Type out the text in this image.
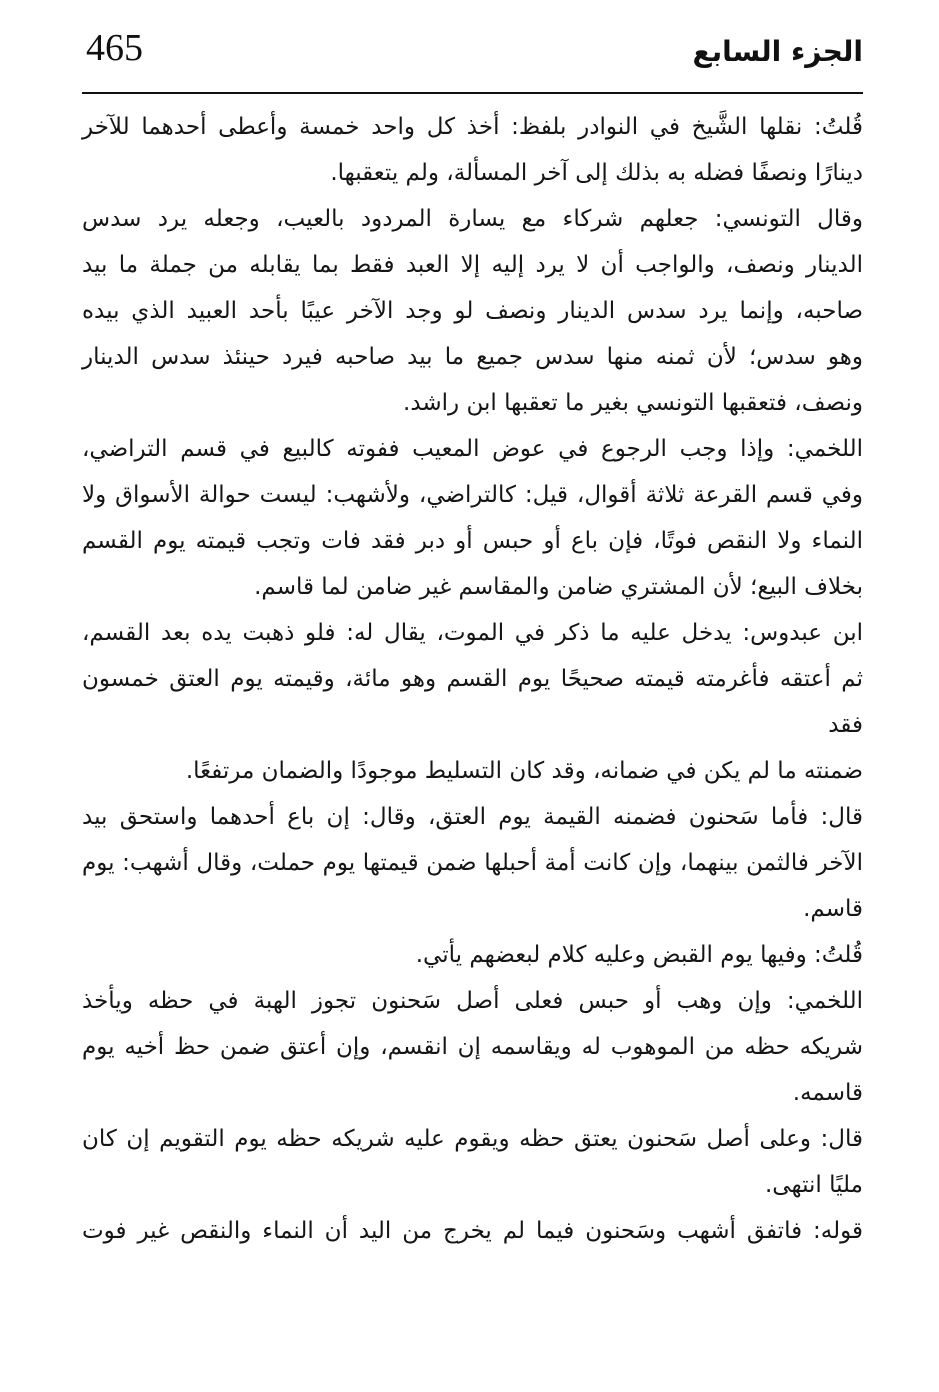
465	الجزء السابع
قُلتُ: نقلها الشَّيخ في النوادر بلفظ: أخذ كل واحد خمسة وأعطى أحدهما للآخر
دينارًا ونصفًا فضله به بذلك إلى آخر المسألة، ولم يتعقبها.
وقال التونسي: جعلهم شركاء مع يسارة المردود بالعيب، وجعله يرد سدس
الدينار ونصف، والواجب أن لا يرد إليه إلا العبد فقط بما يقابله من جملة ما بيد
صاحبه، وإنما يرد سدس الدينار ونصف لو وجد الآخر عيبًا بأحد العبيد الذي بيده
وهو سدس؛ لأن ثمنه منها سدس جميع ما بيد صاحبه فيرد حينئذ سدس الدينار
ونصف، فتعقبها التونسي بغير ما تعقبها ابن راشد.
اللخمي: وإذا وجب الرجوع في عوض المعيب ففوته كالبيع في قسم التراضي،
وفي قسم القرعة ثلاثة أقوال، قيل: كالتراضي، ولأشهب: ليست حوالة الأسواق ولا
النماء ولا النقص فوتًا، فإن باع أو حبس أو دبر فقد فات وتجب قيمته يوم القسم
بخلاف البيع؛ لأن المشتري ضامن والمقاسم غير ضامن لما قاسم.
ابن عبدوس: يدخل عليه ما ذكر في الموت، يقال له: فلو ذهبت يده بعد القسم،
ثم أعتقه فأغرمته قيمته صحيحًا يوم القسم وهو مائة، وقيمته يوم العتق خمسون فقد
ضمنته ما لم يكن في ضمانه، وقد كان التسليط موجودًا والضمان مرتفعًا.
قال: فأما سَحنون فضمنه القيمة يوم العتق، وقال: إن باع أحدهما واستحق بيد
الآخر فالثمن بينهما، وإن كانت أمة أحبلها ضمن قيمتها يوم حملت، وقال أشهب: يوم
قاسم.
قُلتُ: وفيها يوم القبض وعليه كلام لبعضهم يأتي.
اللخمي: وإن وهب أو حبس فعلى أصل سَحنون تجوز الهبة في حظه ويأخذ
شريكه حظه من الموهوب له ويقاسمه إن انقسم، وإن أعتق ضمن حظ أخيه يوم
قاسمه.
قال: وعلى أصل سَحنون يعتق حظه ويقوم عليه شريكه حظه يوم التقويم إن كان
مليًا انتهى.
قوله: فاتفق أشهب وسَحنون فيما لم يخرج من اليد أن النماء والنقص غير فوت
